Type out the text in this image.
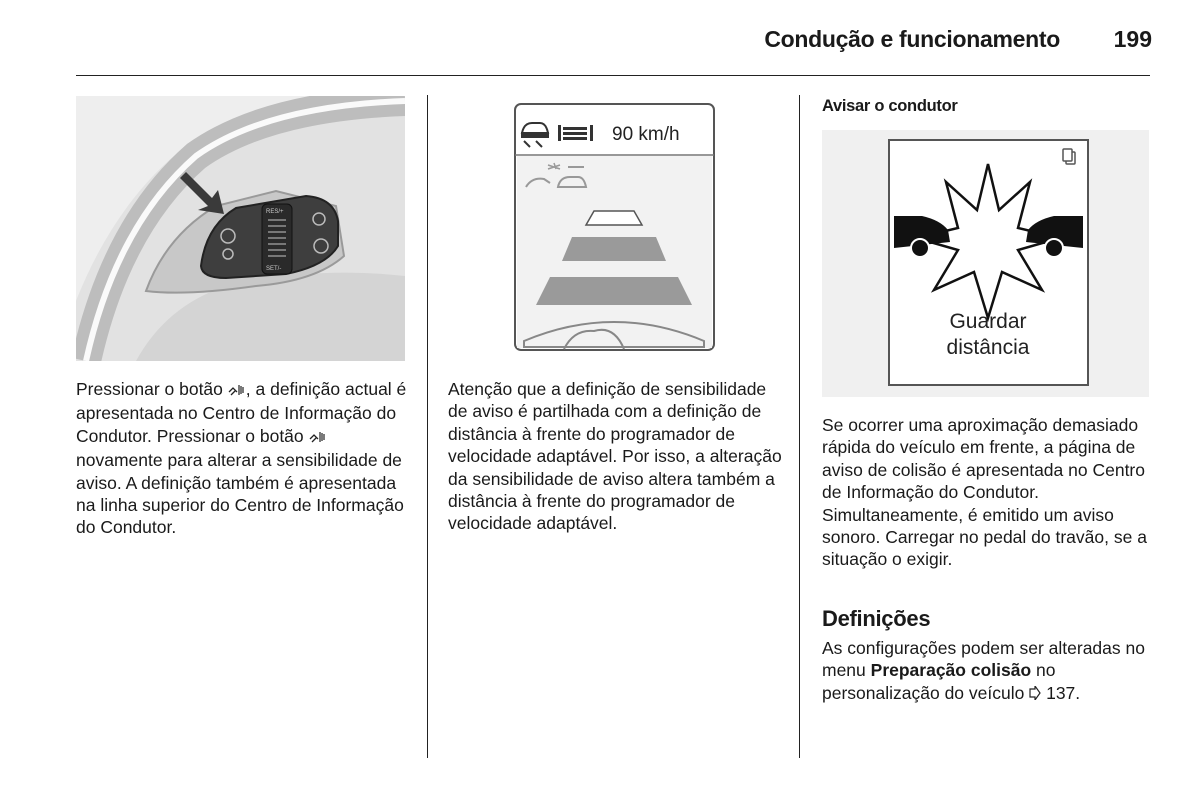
Condução e funcionamento	199
RES/+
SET/-

Pressionar o botão , a definição actual é apresentada no Centro de Informação do Condutor. Pressionar o botão  novamente para alterar a sensibilidade de aviso. A definição também é apresentada na linha superior do Centro de Informação do Condutor.

90 km/h

Atenção que a definição de sensibilidade de aviso é partilhada com a definição de distância à frente do programador de velocidade adaptável. Por isso, a alteração da sensibilidade de aviso altera também a distância à frente do programador de velocidade adaptável.

Avisar o condutor
Guardar
distância

Se ocorrer uma aproximação demasiado rápida do veículo em frente, a página de aviso de colisão é apresentada no Centro de Informação do Condutor. Simultaneamente, é emitido um aviso sonoro. Carregar no pedal do travão, se a situação o exigir.

Definições

As configurações podem ser alteradas no menu Preparação colisão no personalização do veículo  137.
